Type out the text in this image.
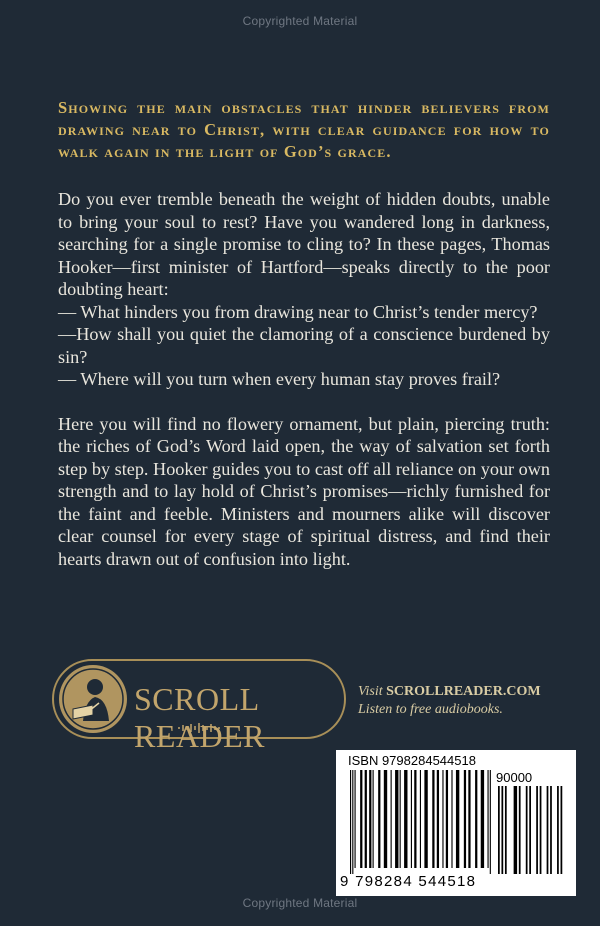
Copyrighted Material
Showing the main obstacles that hinder believers from drawing near to Christ, with clear guidance for how to walk again in the light of God’s grace.

Do you ever tremble beneath the weight of hidden doubts, unable to bring your soul to rest? Have you wandered long in darkness, searching for a single promise to cling to? In these pages, Thomas Hooker—first minister of Hartford—speaks directly to the poor doubting heart:

— What hinders you from drawing near to Christ’s tender mercy?

—How shall you quiet the clamoring of a conscience burdened by sin?

— Where will you turn when every human stay proves frail?

Here you will find no flowery ornament, but plain, piercing truth: the riches of God’s Word laid open, the way of salvation set forth step by step. Hooker guides you to cast off all reliance on your own strength and to lay hold of Christ’s promises—richly furnished for the faint and feeble. Ministers and mourners alike will discover clear counsel for every stage of spiritual distress, and find their hearts drawn out of confusion into light.

SCROLL READER
Visit SCROLLREADER.COM
Listen to free audiobooks.
ISBN 9798284544518
90000
9 798284 544518
Copyrighted Material
